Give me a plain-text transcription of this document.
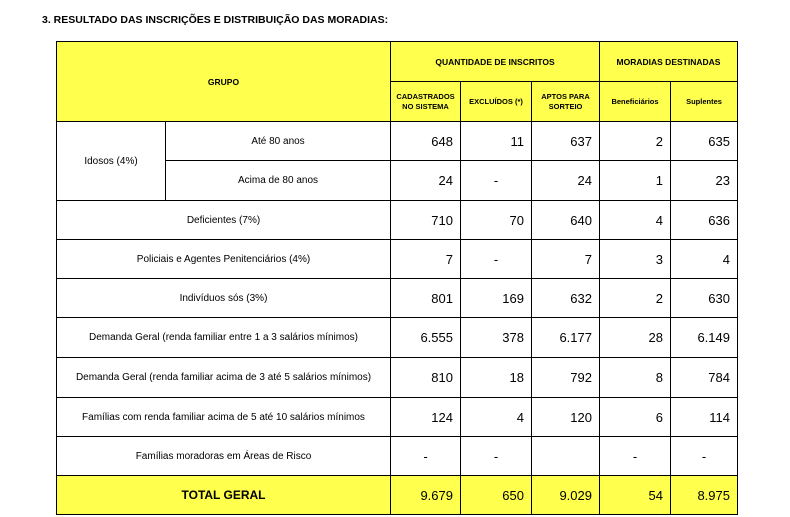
3. RESULTADO DAS INSCRIÇÕES E DISTRIBUIÇÃO DAS MORADIAS:
GRUPO		QUANTIDADE DE INSCRITOS			MORADIAS DESTINADAS	
		CADASTRADOS NO SISTEMA	EXCLUÍDOS (*)	APTOS PARA SORTEIO	Beneficiários	Suplentes
Idosos (4%)	Até 80 anos	648	11	637	2	635
	Acima de 80 anos	24	-	24	1	23
Deficientes (7%)		710	70	640	4	636
Policiais e Agentes Penitenciários (4%)		7	-	7	3	4
Indivíduos sós (3%)		801	169	632	2	630
Demanda Geral (renda familiar entre 1 a 3 salários mínimos)		6.555	378	6.177	28	6.149
Demanda Geral (renda familiar acima de 3 até 5 salários mínimos)		810	18	792	8	784
Famílias com renda familiar acima de 5 até 10 salários mínimos		124	4	120	6	114
Famílias moradoras em Áreas de Risco		-	-		-	-
TOTAL GERAL		9.679	650	9.029	54	8.975
